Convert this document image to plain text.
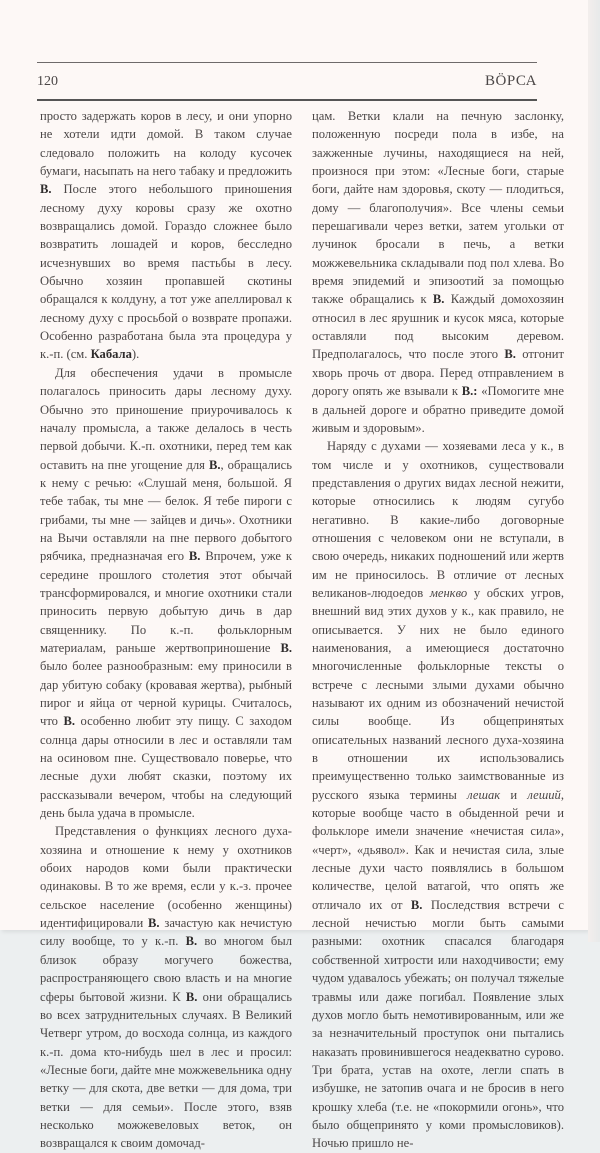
120	ВÖРСА

просто задержать коров в лесу, и они упорно не хотели идти домой. В таком случае следовало положить на колоду кусочек бумаги, насыпать на него табаку и предложить В. После этого небольшого приношения лесному духу коровы сразу же охотно возвращались домой. Гораздо сложнее было возвратить лошадей и коров, бесследно исчезнувших во время пастьбы в лесу. Обычно хозяин пропавшей скотины обращался к колдуну, а тот уже апеллировал к лесному духу с просьбой о возврате пропажи. Особенно разработана была эта процедура у к.-п. (см. Кабала).

Для обеспечения удачи в промысле полагалось приносить дары лесному духу. Обычно это приношение приурочивалось к началу промысла, а также делалось в честь первой добычи. К.-п. охотники, перед тем как оставить на пне угощение для В., обращались к нему с речью: «Слушай меня, большой. Я тебе табак, ты мне — белок. Я тебе пироги с грибами, ты мне — зайцев и дичь». Охотники на Вычи оставляли на пне первого добытого рябчика, предназначая его В. Впрочем, уже к середине прошлого столетия этот обычай трансформировался, и многие охотники стали приносить первую добытую дичь в дар священнику. По к.-п. фольклорным материалам, раньше жертвоприношение В. было более разнообразным: ему приносили в дар убитую собаку (кровавая жертва), рыбный пирог и яйца от черной курицы. Считалось, что В. особенно любит эту пищу. С заходом солнца дары относили в лес и оставляли там на осиновом пне. Существовало поверье, что лесные духи любят сказки, поэтому их рассказывали вечером, чтобы на следующий день была удача в промысле.

Представления о функциях лесного духа-хозяина и отношение к нему у охотников обоих народов коми были практически одинаковы. В то же время, если у к.-з. прочее сельское население (особенно женщины) идентифицировали В. зачастую как нечистую силу вообще, то у к.-п. В. во многом был близок образу могучего божества, распространяющего свою власть и на многие сферы бытовой жизни. К В. они обращались во всех затруднительных случаях. В Великий Четверг утром, до восхода солнца, из каждого к.-п. дома кто-нибудь шел в лес и просил: «Лесные боги, дайте мне можжевельника одну ветку — для скота, две ветки — для дома, три ветки — для семьи». После этого, взяв несколько можжевеловых веток, он возвращался к своим домочад-

цам. Ветки клали на печную заслонку, положенную посреди пола в избе, на зажженные лучины, находящиеся на ней, произнося при этом: «Лесные боги, старые боги, дайте нам здоровья, скоту — плодиться, дому — благополучия». Все члены семьи перешагивали через ветки, затем угольки от лучинок бросали в печь, а ветки можжевельника складывали под пол хлева. Во время эпидемий и эпизоотий за помощью также обращались к В. Каждый домохозяин относил в лес ярушник и кусок мяса, которые оставляли под высоким деревом. Предполагалось, что после этого В. отгонит хворь прочь от двора. Перед отправлением в дорогу опять же взывали к В.: «Помогите мне в дальней дороге и обратно приведите домой живым и здоровым».

Наряду с духами — хозяевами леса у к., в том числе и у охотников, существовали представления о других видах лесной нежити, которые относились к людям сугубо негативно. В какие-либо договорные отношения с человеком они не вступали, в свою очередь, никаких подношений или жертв им не приносилось. В отличие от лесных великанов-людоедов менкво у обских угров, внешний вид этих духов у к., как правило, не описывается. У них не было единого наименования, а имеющиеся достаточно многочисленные фольклорные тексты о встрече с лесными злыми духами обычно называют их одним из обозначений нечистой силы вообще. Из общепринятых описательных названий лесного духа-хозяина в отношении их использовались преимущественно только заимствованные из русского языка термины лешак и леший, которые вообще часто в обыденной речи и фольклоре имели значение «нечистая сила», «черт», «дьявол». Как и нечистая сила, злые лесные духи часто появлялись в большом количестве, целой ватагой, что опять же отличало их от В. Последствия встречи с лесной нечистью могли быть самыми разными: охотник спасался благодаря собственной хитрости или находчивости; ему чудом удавалось убежать; он получал тяжелые травмы или даже погибал. Появление злых духов могло быть немотивированным, или же за незначительный проступок они пытались наказать провинившегося неадекватно сурово. Три брата, устав на охоте, легли спать в избушке, не затопив очага и не бросив в него крошку хлеба (т.е. не «покормили огонь», что было общепринято у коми промысловиков). Ночью пришло не-
